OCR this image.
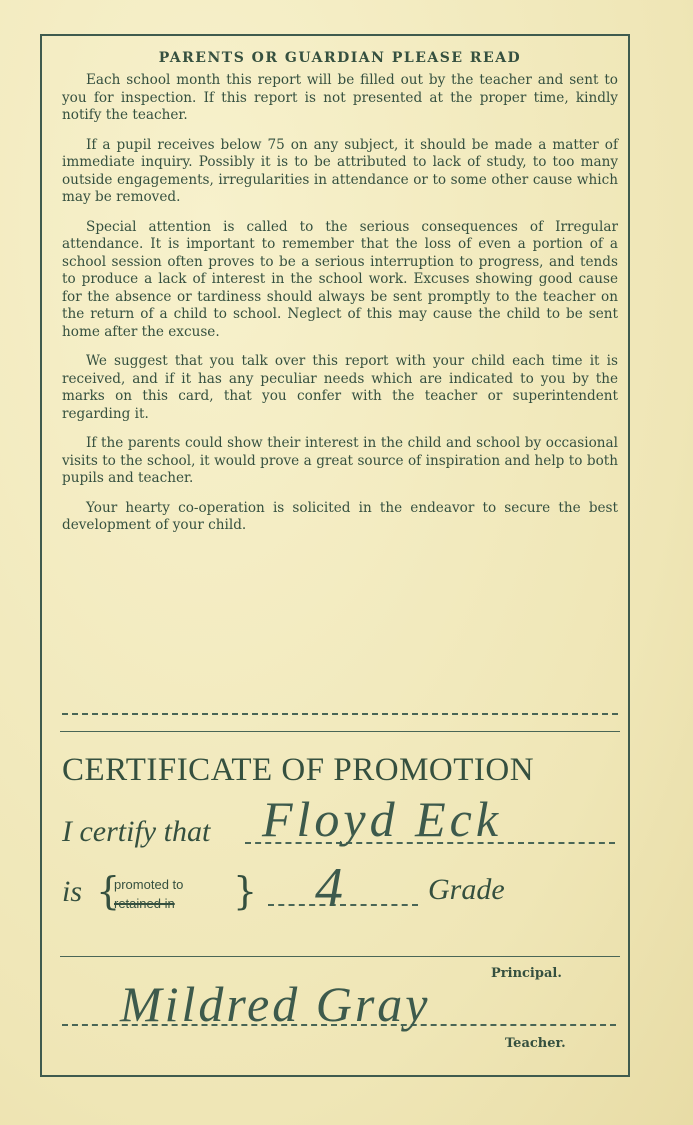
PARENTS OR GUARDIAN PLEASE READ

Each school month this report will be filled out by the teacher and sent to you for inspection. If this report is not presented at the proper time, kindly notify the teacher.

If a pupil receives below 75 on any subject, it should be made a matter of immediate inquiry. Possibly it is to be attributed to lack of study, to too many outside engagements, irregularities in attendance or to some other cause which may be removed.

Special attention is called to the serious consequences of Irregular attendance. It is important to remember that the loss of even a portion of a school session often proves to be a serious interruption to progress, and tends to produce a lack of interest in the school work. Excuses showing good cause for the absence or tardiness should always be sent promptly to the teacher on the return of a child to school. Neglect of this may cause the child to be sent home after the excuse.

We suggest that you talk over this report with your child each time it is received, and if it has any peculiar needs which are indicated to you by the marks on this card, that you confer with the teacher or superintendent regarding it.

If the parents could show their interest in the child and school by occasional visits to the school, it would prove a great source of inspiration and help to both pupils and teacher.

Your hearty co-operation is solicited in the endeavor to secure the best development of your child.

CERTIFICATE OF PROMOTION
I certify that Floyd Eck
is {
promoted to
retained in } 4	Grade
Principal.
Mildred Gray
Teacher.
